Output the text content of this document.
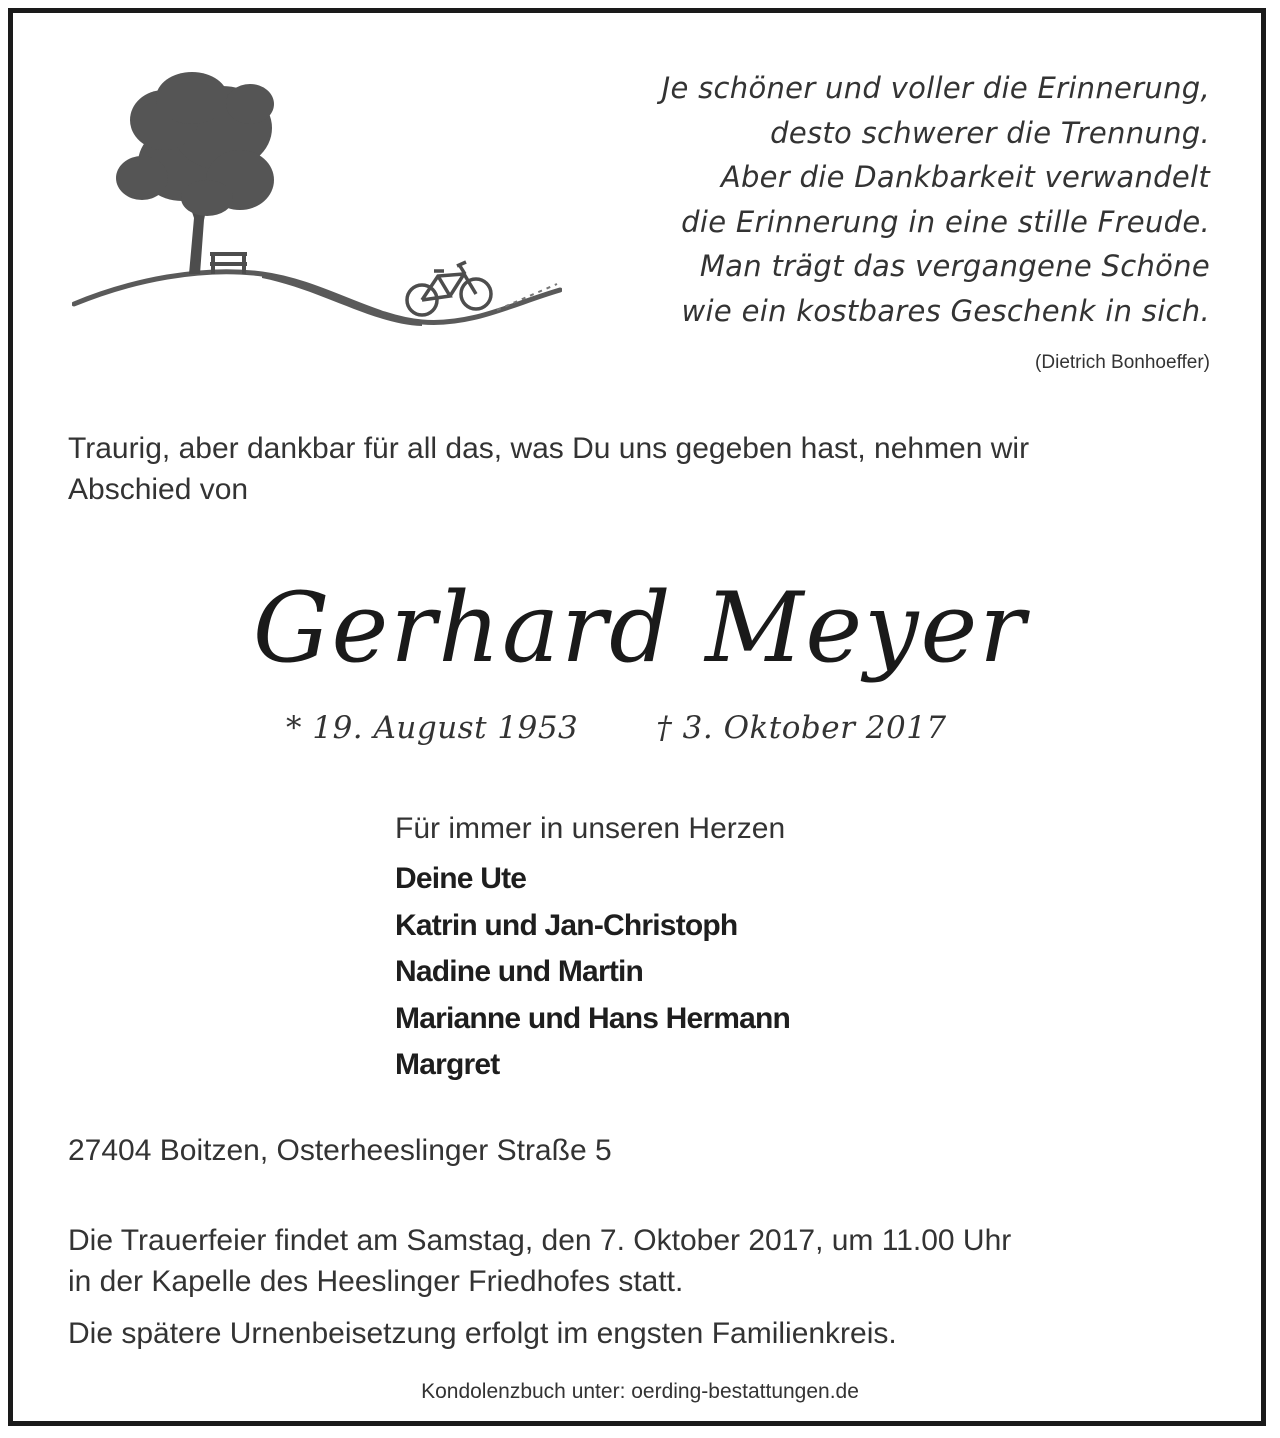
Je schöner und voller die Erinnerung,
desto schwerer die Trennung.
Aber die Dankbarkeit verwandelt
die Erinnerung in eine stille Freude.
Man trägt das vergangene Schöne
wie ein kostbares Geschenk in sich.
(Dietrich Bonhoeffer)
Traurig, aber dankbar für all das, was Du uns gegeben hast, nehmen wir
Abschied von
Gerhard Meyer
* 19. August 1953	† 3. Oktober 2017
Für immer in unseren Herzen
Deine Ute
Katrin und Jan-Christoph
Nadine und Martin
Marianne und Hans Hermann
Margret
27404 Boitzen, Osterheeslinger Straße 5
Die Trauerfeier findet am Samstag, den 7. Oktober 2017, um 11.00 Uhr
in der Kapelle des Heeslinger Friedhofes statt.
Die spätere Urnenbeisetzung erfolgt im engsten Familienkreis.
Kondolenzbuch unter: oerding-bestattungen.de
